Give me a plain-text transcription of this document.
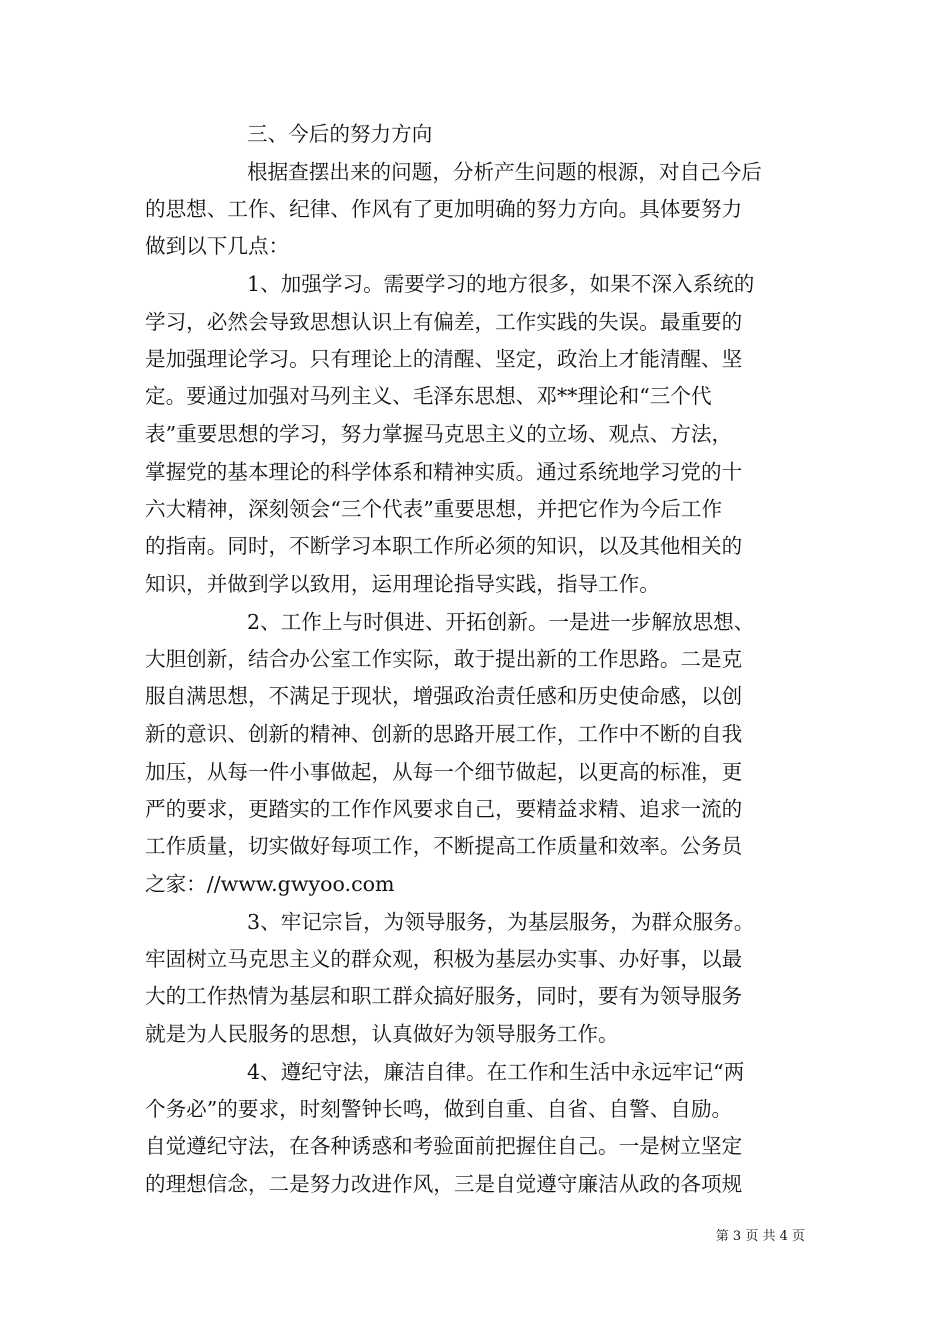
三、今后的努力方向
根据查摆出来的问题，分析产生问题的根源，对自己今后
的思想、工作、纪律、作风有了更加明确的努力方向。具体要努力
做到以下几点：
1、加强学习。需要学习的地方很多，如果不深入系统的
学习，必然会导致思想认识上有偏差，工作实践的失误。最重要的
是加强理论学习。只有理论上的清醒、坚定，政治上才能清醒、坚
定。要通过加强对马列主义、毛泽东思想、邓**理论和“三个代
表”重要思想的学习，努力掌握马克思主义的立场、观点、方法，
掌握党的基本理论的科学体系和精神实质。通过系统地学习党的十
六大精神，深刻领会“三个代表”重要思想，并把它作为今后工作
的指南。同时，不断学习本职工作所必须的知识，以及其他相关的
知识，并做到学以致用，运用理论指导实践，指导工作。
2、工作上与时俱进、开拓创新。一是进一步解放思想、
大胆创新，结合办公室工作实际，敢于提出新的工作思路。二是克
服自满思想，不满足于现状，增强政治责任感和历史使命感，以创
新的意识、创新的精神、创新的思路开展工作，工作中不断的自我
加压，从每一件小事做起，从每一个细节做起，以更高的标准，更
严的要求，更踏实的工作作风要求自己，要精益求精、追求一流的
工作质量，切实做好每项工作，不断提高工作质量和效率。公务员
之家：//www.gwyoo.com
3、牢记宗旨，为领导服务，为基层服务，为群众服务。
牢固树立马克思主义的群众观，积极为基层办实事、办好事，以最
大的工作热情为基层和职工群众搞好服务，同时，要有为领导服务
就是为人民服务的思想，认真做好为领导服务工作。
4、遵纪守法，廉洁自律。在工作和生活中永远牢记“两
个务必”的要求，时刻警钟长鸣，做到自重、自省、自警、自励。
自觉遵纪守法，在各种诱惑和考验面前把握住自己。一是树立坚定
的理想信念，二是努力改进作风，三是自觉遵守廉洁从政的各项规
第 3 页 共 4 页
